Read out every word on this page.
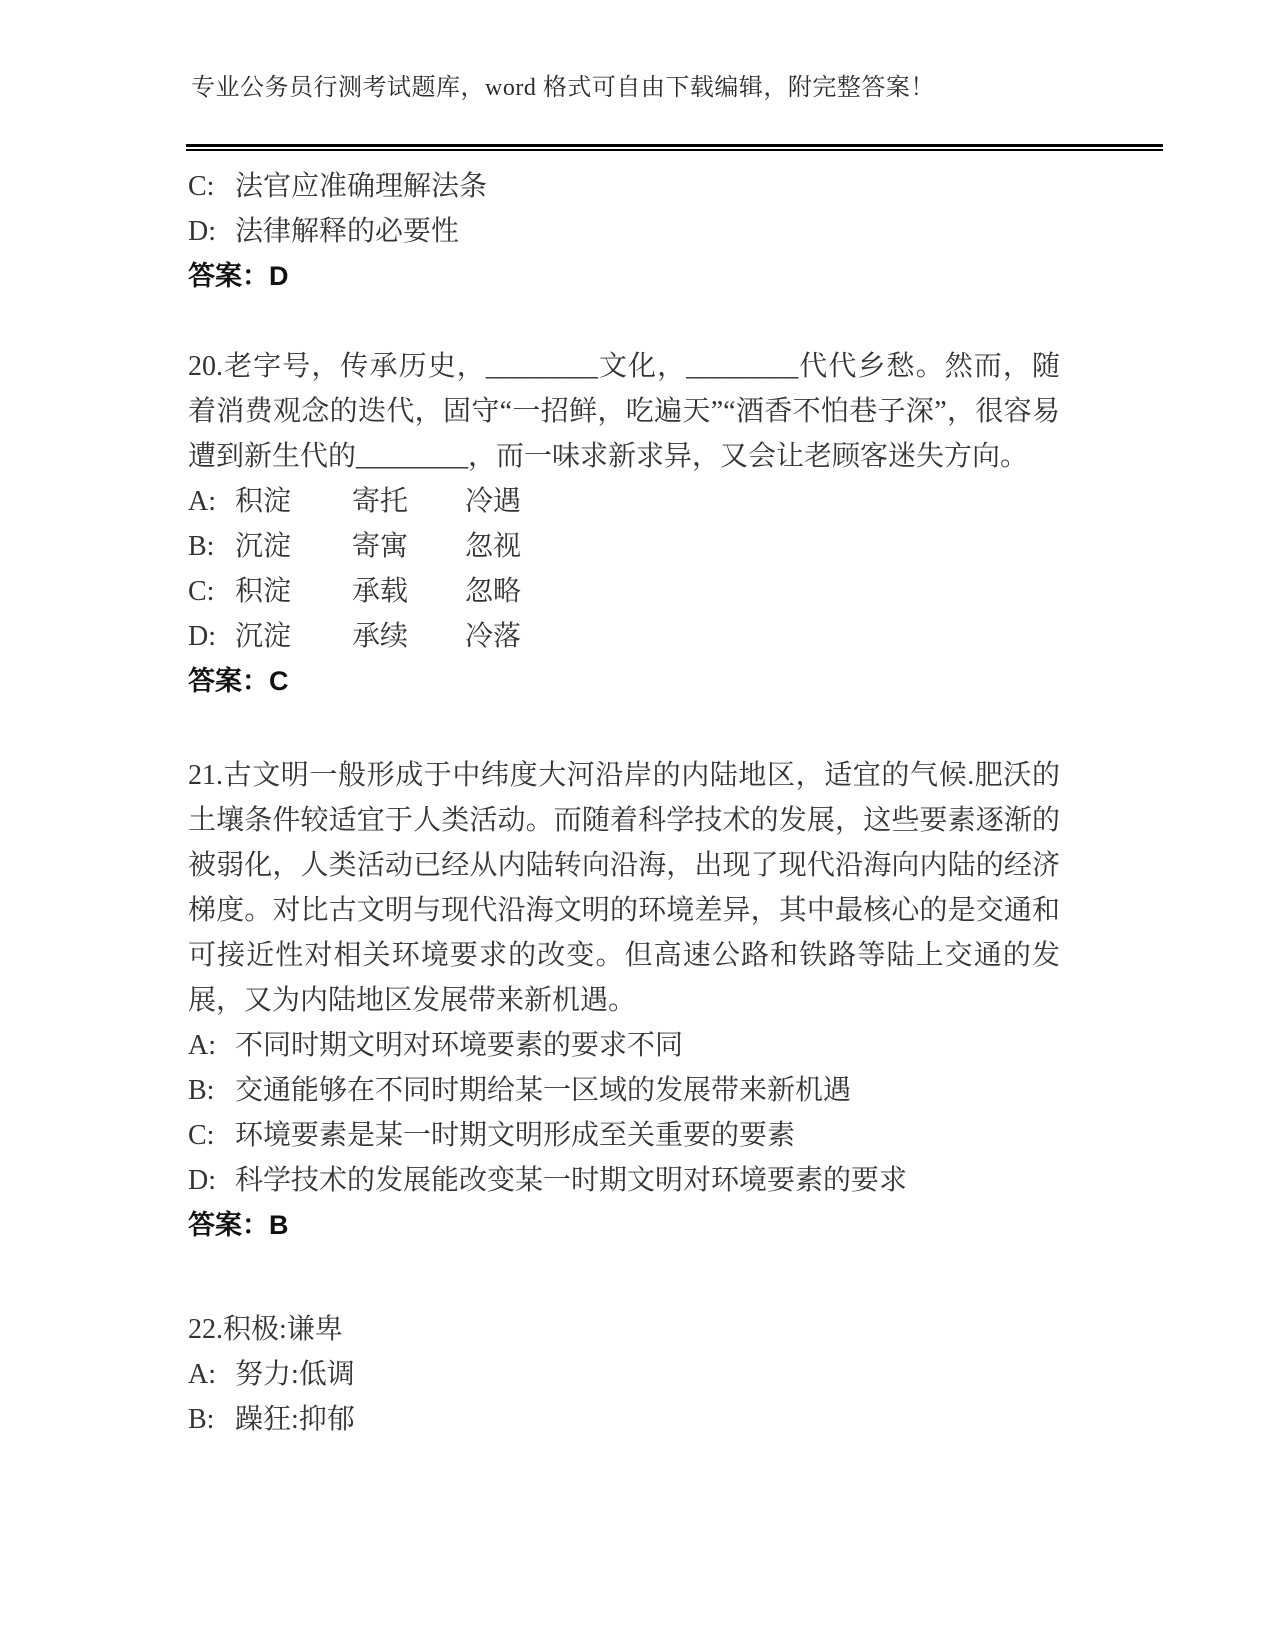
专业公务员行测考试题库，word 格式可自由下载编辑，附完整答案！
C: 法官应准确理解法条
D: 法律解释的必要性
答案：D
20.老字号，传承历史，________文化，________代代乡愁。然而，随着消费观念的迭代，固守“一招鲜，吃遍天”“酒香不怕巷子深”，很容易遭到新生代的________，而一味求新求异，又会让老顾客迷失方向。
A: 积淀 寄托 冷遇
B: 沉淀 寄寓 忽视
C: 积淀 承载 忽略
D: 沉淀 承续 冷落
答案：C
21.古文明一般形成于中纬度大河沿岸的内陆地区，适宜的气候.肥沃的土壤条件较适宜于人类活动。而随着科学技术的发展，这些要素逐渐的被弱化，人类活动已经从内陆转向沿海，出现了现代沿海向内陆的经济梯度。对比古文明与现代沿海文明的环境差异，其中最核心的是交通和可接近性对相关环境要求的改变。但高速公路和铁路等陆上交通的发展，又为内陆地区发展带来新机遇。
A: 不同时期文明对环境要素的要求不同
B: 交通能够在不同时期给某一区域的发展带来新机遇
C: 环境要素是某一时期文明形成至关重要的要素
D: 科学技术的发展能改变某一时期文明对环境要素的要求
答案：B
22.积极:谦卑
A: 努力:低调
B: 躁狂:抑郁
